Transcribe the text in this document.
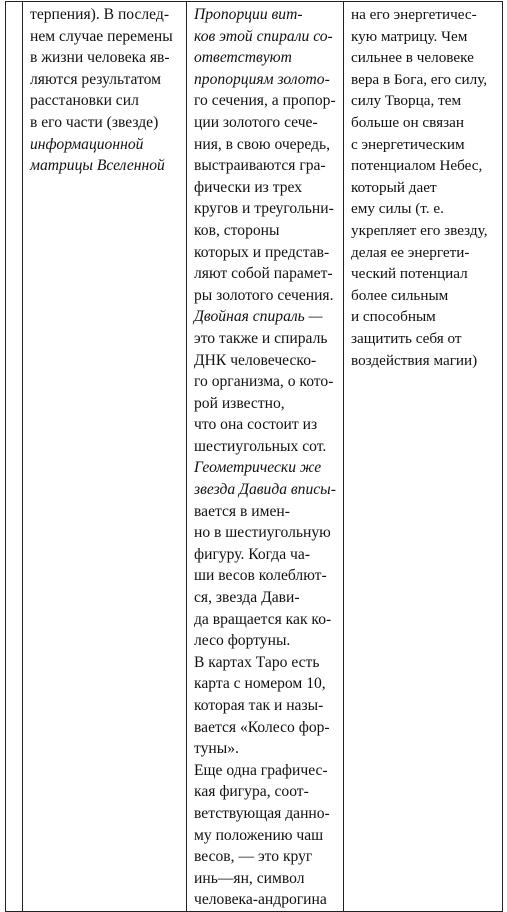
терпения). В послед-
нем случае перемены
в жизни человека яв-
ляются результатом
расстановки сил
в его части (звезде)
информационной
матрицы Вселенной

Пропорции вит-
ков этой спирали со-
ответствуют
пропорциям золото-
го сечения, а пропор-
ции золотого сече-
ния, в свою очередь,
выстраиваются гра-
фически из трех
кругов и треугольни-
ков, стороны
которых и представ-
ляют собой парамет-
ры золотого сечения.
Двойная спираль —
это также и спираль
ДНК человеческо-
го организма, о кото-
рой известно,
что она состоит из
шестиугольных сот.
Геометрически же
звезда Давида вписы-
вается в имен-
но в шестиугольную
фигуру. Когда ча-
ши весов колеблют-
ся, звезда Дави-
да вращается как ко-
лесо фортуны.
В картах Таро есть
карта с номером 10,
которая так и назы-
вается «Колесо фор-
туны».
Еще одна графичес-
кая фигура, соот-
ветствующая данно-
му положению чаш
весов, — это круг
инь—ян, символ
человека-андрогина

на его энергетичес-
кую матрицу. Чем
сильнее в человеке
вера в Бога, его силу,
силу Творца, тем
больше он связан
с энергетическим
потенциалом Небес,
который дает
ему силы (т. е.
укрепляет его звезду,
делая ее энергети-
ческий потенциал
более сильным
и способным
защитить себя от
воздействия магии)
